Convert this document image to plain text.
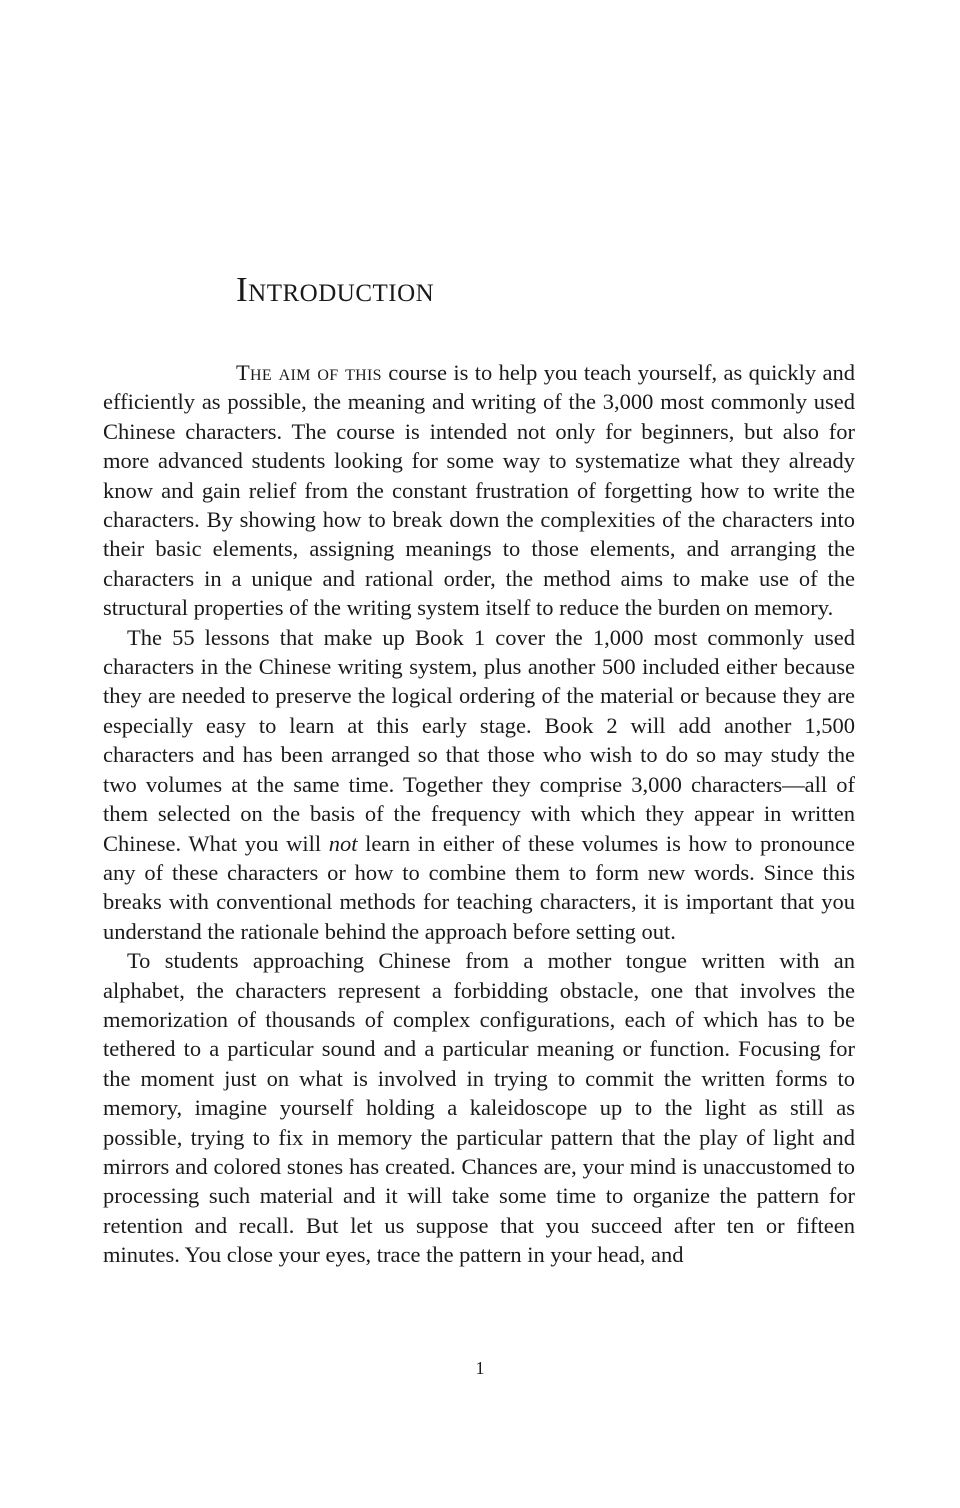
Introduction

The aim of this course is to help you teach yourself, as quickly and efficiently as possible, the meaning and writing of the 3,000 most commonly used Chinese characters. The course is intended not only for beginners, but also for more advanced students looking for some way to systematize what they already know and gain relief from the constant frustration of forgetting how to write the characters. By showing how to break down the complexities of the characters into their basic elements, assigning meanings to those elements, and arranging the characters in a unique and rational order, the method aims to make use of the structural properties of the writing system itself to reduce the burden on memory.

The 55 lessons that make up Book 1 cover the 1,000 most commonly used characters in the Chinese writing system, plus another 500 included either because they are needed to preserve the logical ordering of the material or because they are especially easy to learn at this early stage. Book 2 will add another 1,500 characters and has been arranged so that those who wish to do so may study the two volumes at the same time. Together they comprise 3,000 characters—all of them selected on the basis of the frequency with which they appear in written Chinese. What you will not learn in either of these volumes is how to pronounce any of these characters or how to combine them to form new words. Since this breaks with conventional methods for teaching characters, it is important that you understand the rationale behind the approach before setting out.

To students approaching Chinese from a mother tongue written with an alphabet, the characters represent a forbidding obstacle, one that involves the memorization of thousands of complex configurations, each of which has to be tethered to a particular sound and a particular meaning or function. Focusing for the moment just on what is involved in trying to commit the written forms to memory, imagine yourself holding a kaleidoscope up to the light as still as possible, trying to fix in memory the particular pattern that the play of light and mirrors and colored stones has created. Chances are, your mind is unaccustomed to processing such material and it will take some time to organize the pattern for retention and recall. But let us suppose that you succeed after ten or fifteen minutes. You close your eyes, trace the pattern in your head, and

1
